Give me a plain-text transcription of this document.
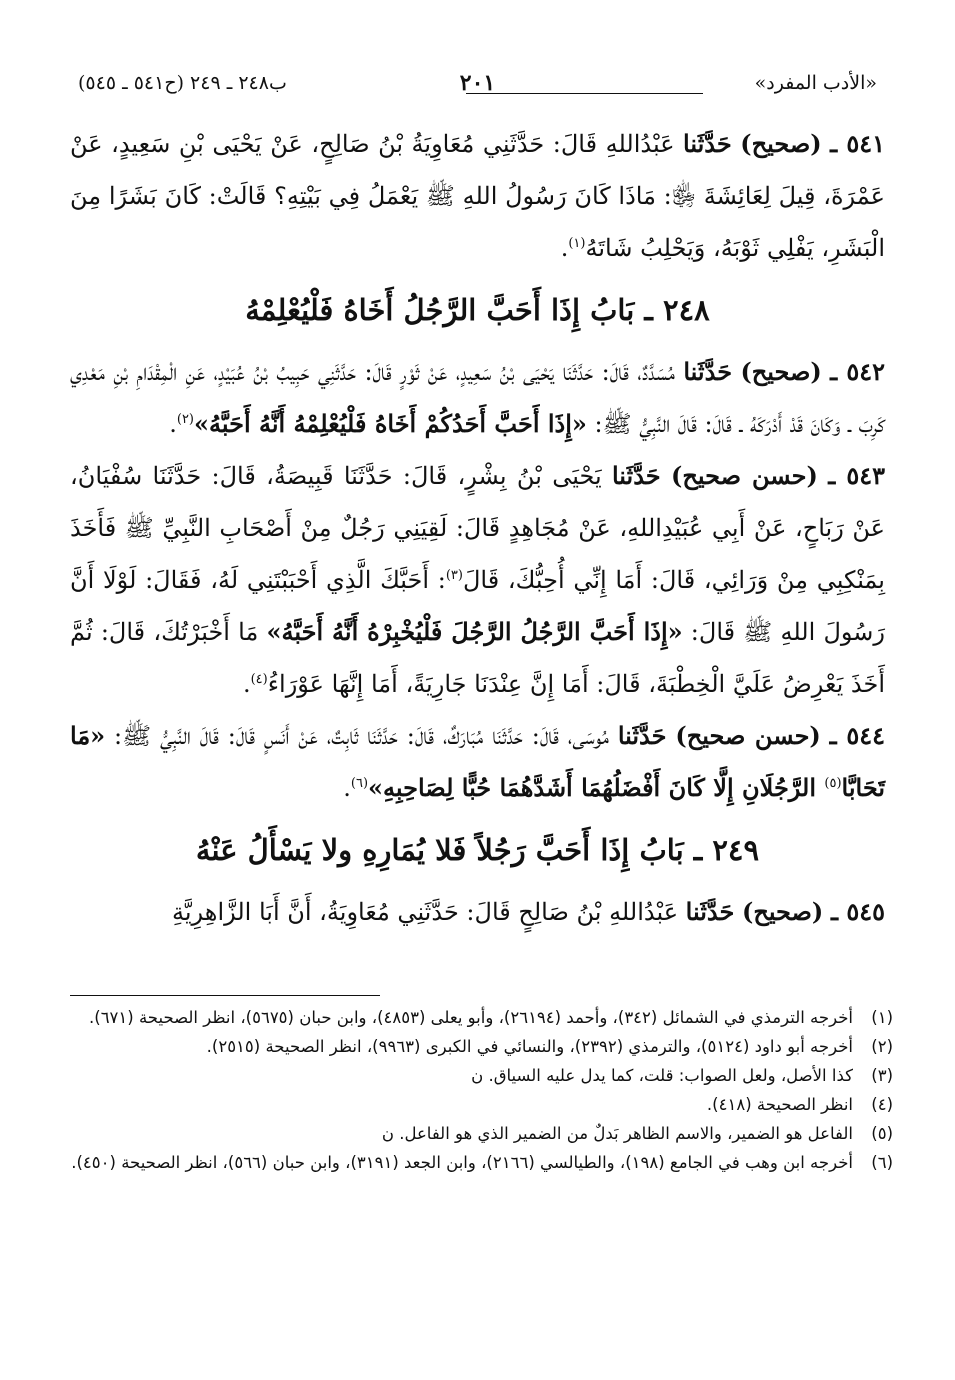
«الأدب المفرد»
٢٠١
ب٢٤٨ ـ ٢٤٩ (ح٥٤١ ـ ٥٤٥)

٥٤١ ـ (صحيح) حَدَّثَنا عَبْدُاللهِ قَالَ: حَدَّثَنِي مُعَاوِيَةُ بْنُ صَالِحٍ، عَنْ يَحْيَى بْنِ سَعِيدٍ، عَنْ عَمْرَةَ، قِيلَ لِعَائِشَةَ ﵂: مَاذَا كَانَ رَسُولُ اللهِ ﷺ يَعْمَلُ فِي بَيْتِهِ؟ قَالَتْ: كَانَ بَشَرًا مِنَ الْبَشَرِ، يَفْلِي ثَوْبَهُ، وَيَحْلِبُ شَاتَهُ$^{(١)}$.

٢٤٨ ـ بَابُ إِذَا أَحَبَّ الرَّجُلُ أَخَاهُ فَلْيُعْلِمْهُ

٥٤٢ ـ (صحيح) حَدَّثَنا مُسَدَّدٌ، قَالَ: حَدَّثَنَا يَحْيَى بْنُ سَعِيدٍ، عَنْ ثَوْرٍ قَالَ: حَدَّثَنِي حَبِيبُ بْنُ عُبَيْدٍ، عَنِ الْمِقْدَامِ بْنِ مَعْدِي كَرِبَ ـ وَكَانَ قَدْ أَدْرَكَهُ ـ قَالَ: قَالَ النَّبِيُّ ﷺ: «إِذَا أَحَبَّ أَحَدُكُمْ أَخَاهُ فَلْيُعْلِمْهُ أَنَّهُ أَحَبَّهُ»$^{(٢)}$.

٥٤٣ ـ (حسن صحيح) حَدَّثَنا يَحْيَى بْنُ بِشْرٍ، قَالَ: حَدَّثَنَا قَبِيصَةُ، قَالَ: حَدَّثَنَا سُفْيَانُ، عَنْ رَبَاحٍ، عَنْ أَبِي عُبَيْدِاللهِ، عَنْ مُجَاهِدٍ قَالَ: لَقِيَنِي رَجُلٌ مِنْ أَصْحَابِ النَّبِيِّ ﷺ فَأَخَذَ بِمَنْكِبِي مِنْ وَرَائِي، قَالَ: أَمَا إِنِّي أُحِبُّكَ، قَالَ$^{(٣)}$: أَحَبَّكَ الَّذِي أَحْبَبْتَنِي لَهُ، فَقَالَ: لَوْلَا أَنَّ رَسُولَ اللهِ ﷺ قَالَ: «إِذَا أَحَبَّ الرَّجُلُ الرَّجُلَ فَلْيُخْبِرْهُ أَنَّهُ أَحَبَّهُ» مَا أَخْبَرْتُكَ، قَالَ: ثُمَّ أَخَذَ يَعْرِضُ عَلَيَّ الْخِطْبَةَ، قَالَ: أَمَا إِنَّ عِنْدَنَا جَارِيَةً، أَمَا إِنَّهَا عَوْرَاءُ$^{(٤)}$.

٥٤٤ ـ (حسن صحيح) حَدَّثَنا مُوسَى، قَالَ: حَدَّثَنَا مُبَارَكٌ، قَالَ: حَدَّثَنَا ثَابِتٌ، عَنْ أَنَسٍ قَالَ: قَالَ النَّبِيُّ ﷺ: «مَا تَحَابَّا$^{(٥)}$ الرَّجُلَانِ إِلَّا كَانَ أَفْضَلُهُمَا أَشَدَّهُمَا حُبًّا لِصَاحِبِهِ»$^{(٦)}$.

٢٤٩ ـ بَابُ إِذَا أَحَبَّ رَجُلاً فَلا يُمَارِهِ ولا يَسْأَلُ عَنْهُ

٥٤٥ ـ (صحيح) حَدَّثَنا عَبْدُاللهِ بْنُ صَالِحٍ قَالَ: حَدَّثَنِي مُعَاوِيَةُ، أَنَّ أَبَا الزَّاهِرِيَّةِ

(١)
أخرجه الترمذي في الشمائل (٣٤٢)، وأحمد (٢٦١٩٤)، وأبو يعلى (٤٨٥٣)، وابن حبان (٥٦٧٥)، انظر الصحيحة (٦٧١).
(٢)
أخرجه أبو داود (٥١٢٤)، والترمذي (٢٣٩٢)، والنسائي في الكبرى (٩٩٦٣)، انظر الصحيحة (٢٥١٥).
(٣)
كذا الأصل، ولعل الصواب: قلت، كما يدل عليه السياق. ن
(٤)
انظر الصحيحة (٤١٨).
(٥)
الفاعل هو الضمير، والاسم الظاهر بَدلٌ من الضمير الذي هو الفاعل. ن
(٦)
أخرجه ابن وهب في الجامع (١٩٨)، والطيالسي (٢١٦٦)، وابن الجعد (٣١٩١)، وابن حبان (٥٦٦)، انظر الصحيحة (٤٥٠).
